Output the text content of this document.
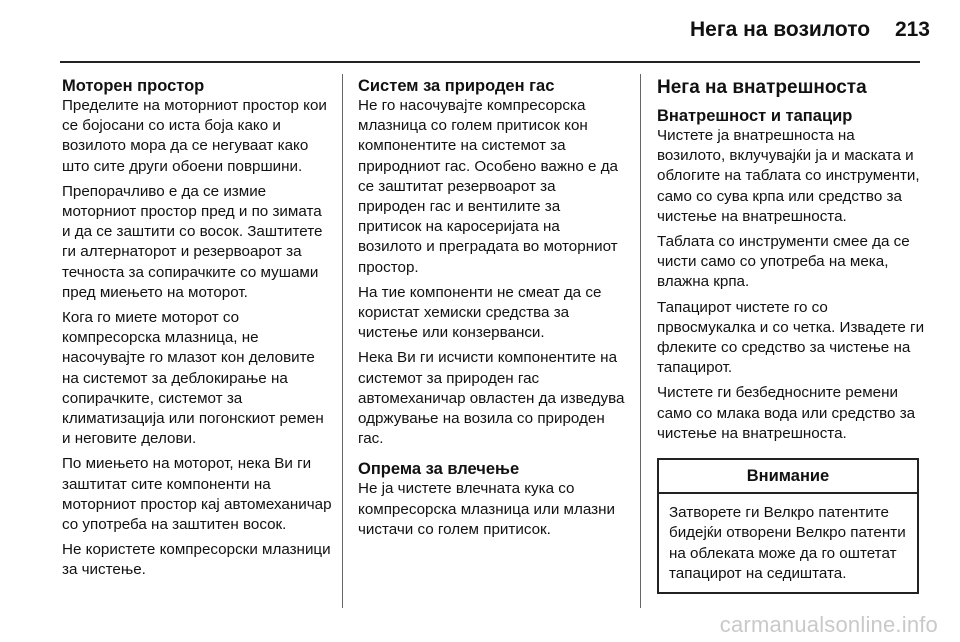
Нега на возилото	213
Моторен простор

Пределите на моторниот простор кои се бојосани со иста боја како и возилото мора да се негуваат како што сите други обоени површини.

Препорачливо е да се измие моторниот простор пред и по зимата и да се заштити со восок. Заштитете ги алтернаторот и резервоарот за течноста за сопирачките со мушами пред миењето на моторот.

Кога го миете моторот со компресорска млазница, не насочувајте го млазот кон деловите на системот за деблокирање на сопирачките, системот за климатизација или погонскиот ремен и неговите делови.

По миењето на моторот, нека Ви ги заштитат сите компоненти на моторниот простор кај автомеханичар со употреба на заштитен восок.

Не користете компресорски млазници за чистење.

Систем за природен гас

Не го насочувајте компресорска млазница со голем притисок кон компонентите на системот за природниот гас. Особено важно е да се заштитат резервоарот за природен гас и вентилите за притисок на каросеријата на возилото и преградата во моторниот простор.

На тие компоненти не смеат да се користат хемиски средства за чистење или конзерванси.

Нека Ви ги исчисти компонентите на системот за природен гас автомеханичар овластен да изведува одржување на возила со природен гас.

Опрема за влечење

Не ја чистете влечната кука со компресорска млазница или млазни чистачи со голем притисок.

Нега на внатрешноста
Внатрешност и тапацир

Чистете ја внатрешноста на возилото, вклучувајќи ја и маската и облогите на таблата со инструменти, само со сува крпа или средство за чистење на внатрешноста.

Таблата со инструменти смее да се чисти само со употреба на мека, влажна крпа.

Тапацирот чистете го со првосмукалка и со четка. Извадете ги флеките со средство за чистење на тапацирот.

Чистете ги безбедносните ремени само со млака вода или средство за чистење на внатрешноста.

Внимание
Затворете ги Велкро патентите бидејќи отворени Велкро патенти на облеката може да го оштетат тапацирот на седиштата.
carmanualsonline.info
